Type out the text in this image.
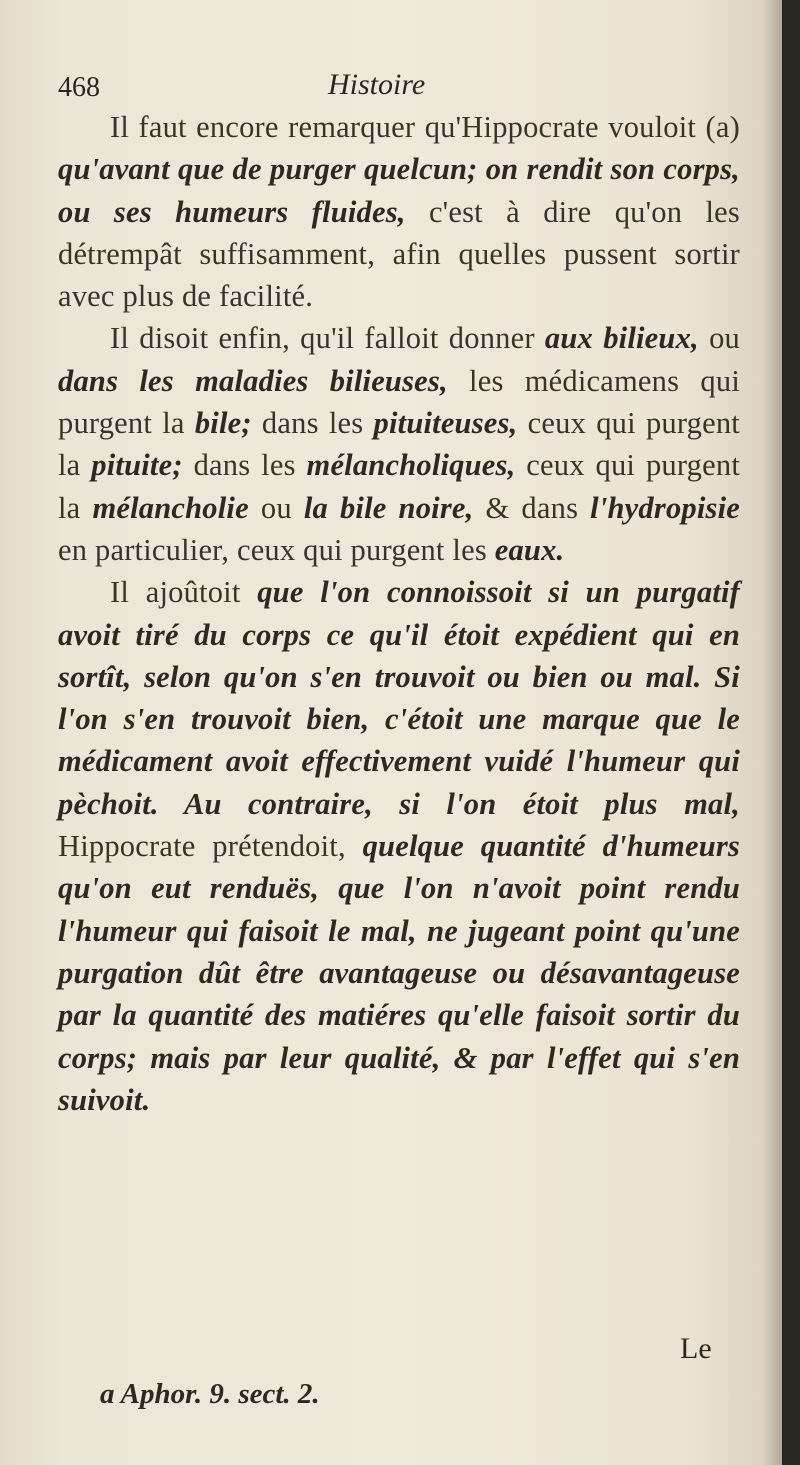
468	Histoire

Il faut encore remarquer qu'Hippocrate vouloit (a) qu'avant que de purger quelcun; on rendit son corps, ou ses humeurs fluides, c'est à dire qu'on les détrempât suffisamment, afin quelles pussent sortir avec plus de facilité.

Il disoit enfin, qu'il falloit donner aux bilieux, ou dans les maladies bilieuses, les médicamens qui purgent la bile; dans les pituiteuses, ceux qui purgent la pituite; dans les mélancholiques, ceux qui purgent la mélancholie ou la bile noire, & dans l'hydropisie en particulier, ceux qui purgent les eaux.

Il ajoûtoit que l'on connoissoit si un purgatif avoit tiré du corps ce qu'il étoit expédient qui en sortît, selon qu'on s'en trouvoit ou bien ou mal. Si l'on s'en trouvoit bien, c'étoit une marque que le médicament avoit effectivement vuidé l'humeur qui pèchoit. Au contraire, si l'on étoit plus mal, Hippocrate prétendoit, quelque quantité d'humeurs qu'on eut renduës, que l'on n'avoit point rendu l'humeur qui faisoit le mal, ne jugeant point qu'une purgation dût être avantageuse ou désavantageuse par la quantité des matiéres qu'elle faisoit sortir du corps; mais par leur qualité, & par l'effet qui s'en suivoit.

Le
a Aphor. 9. sect. 2.
